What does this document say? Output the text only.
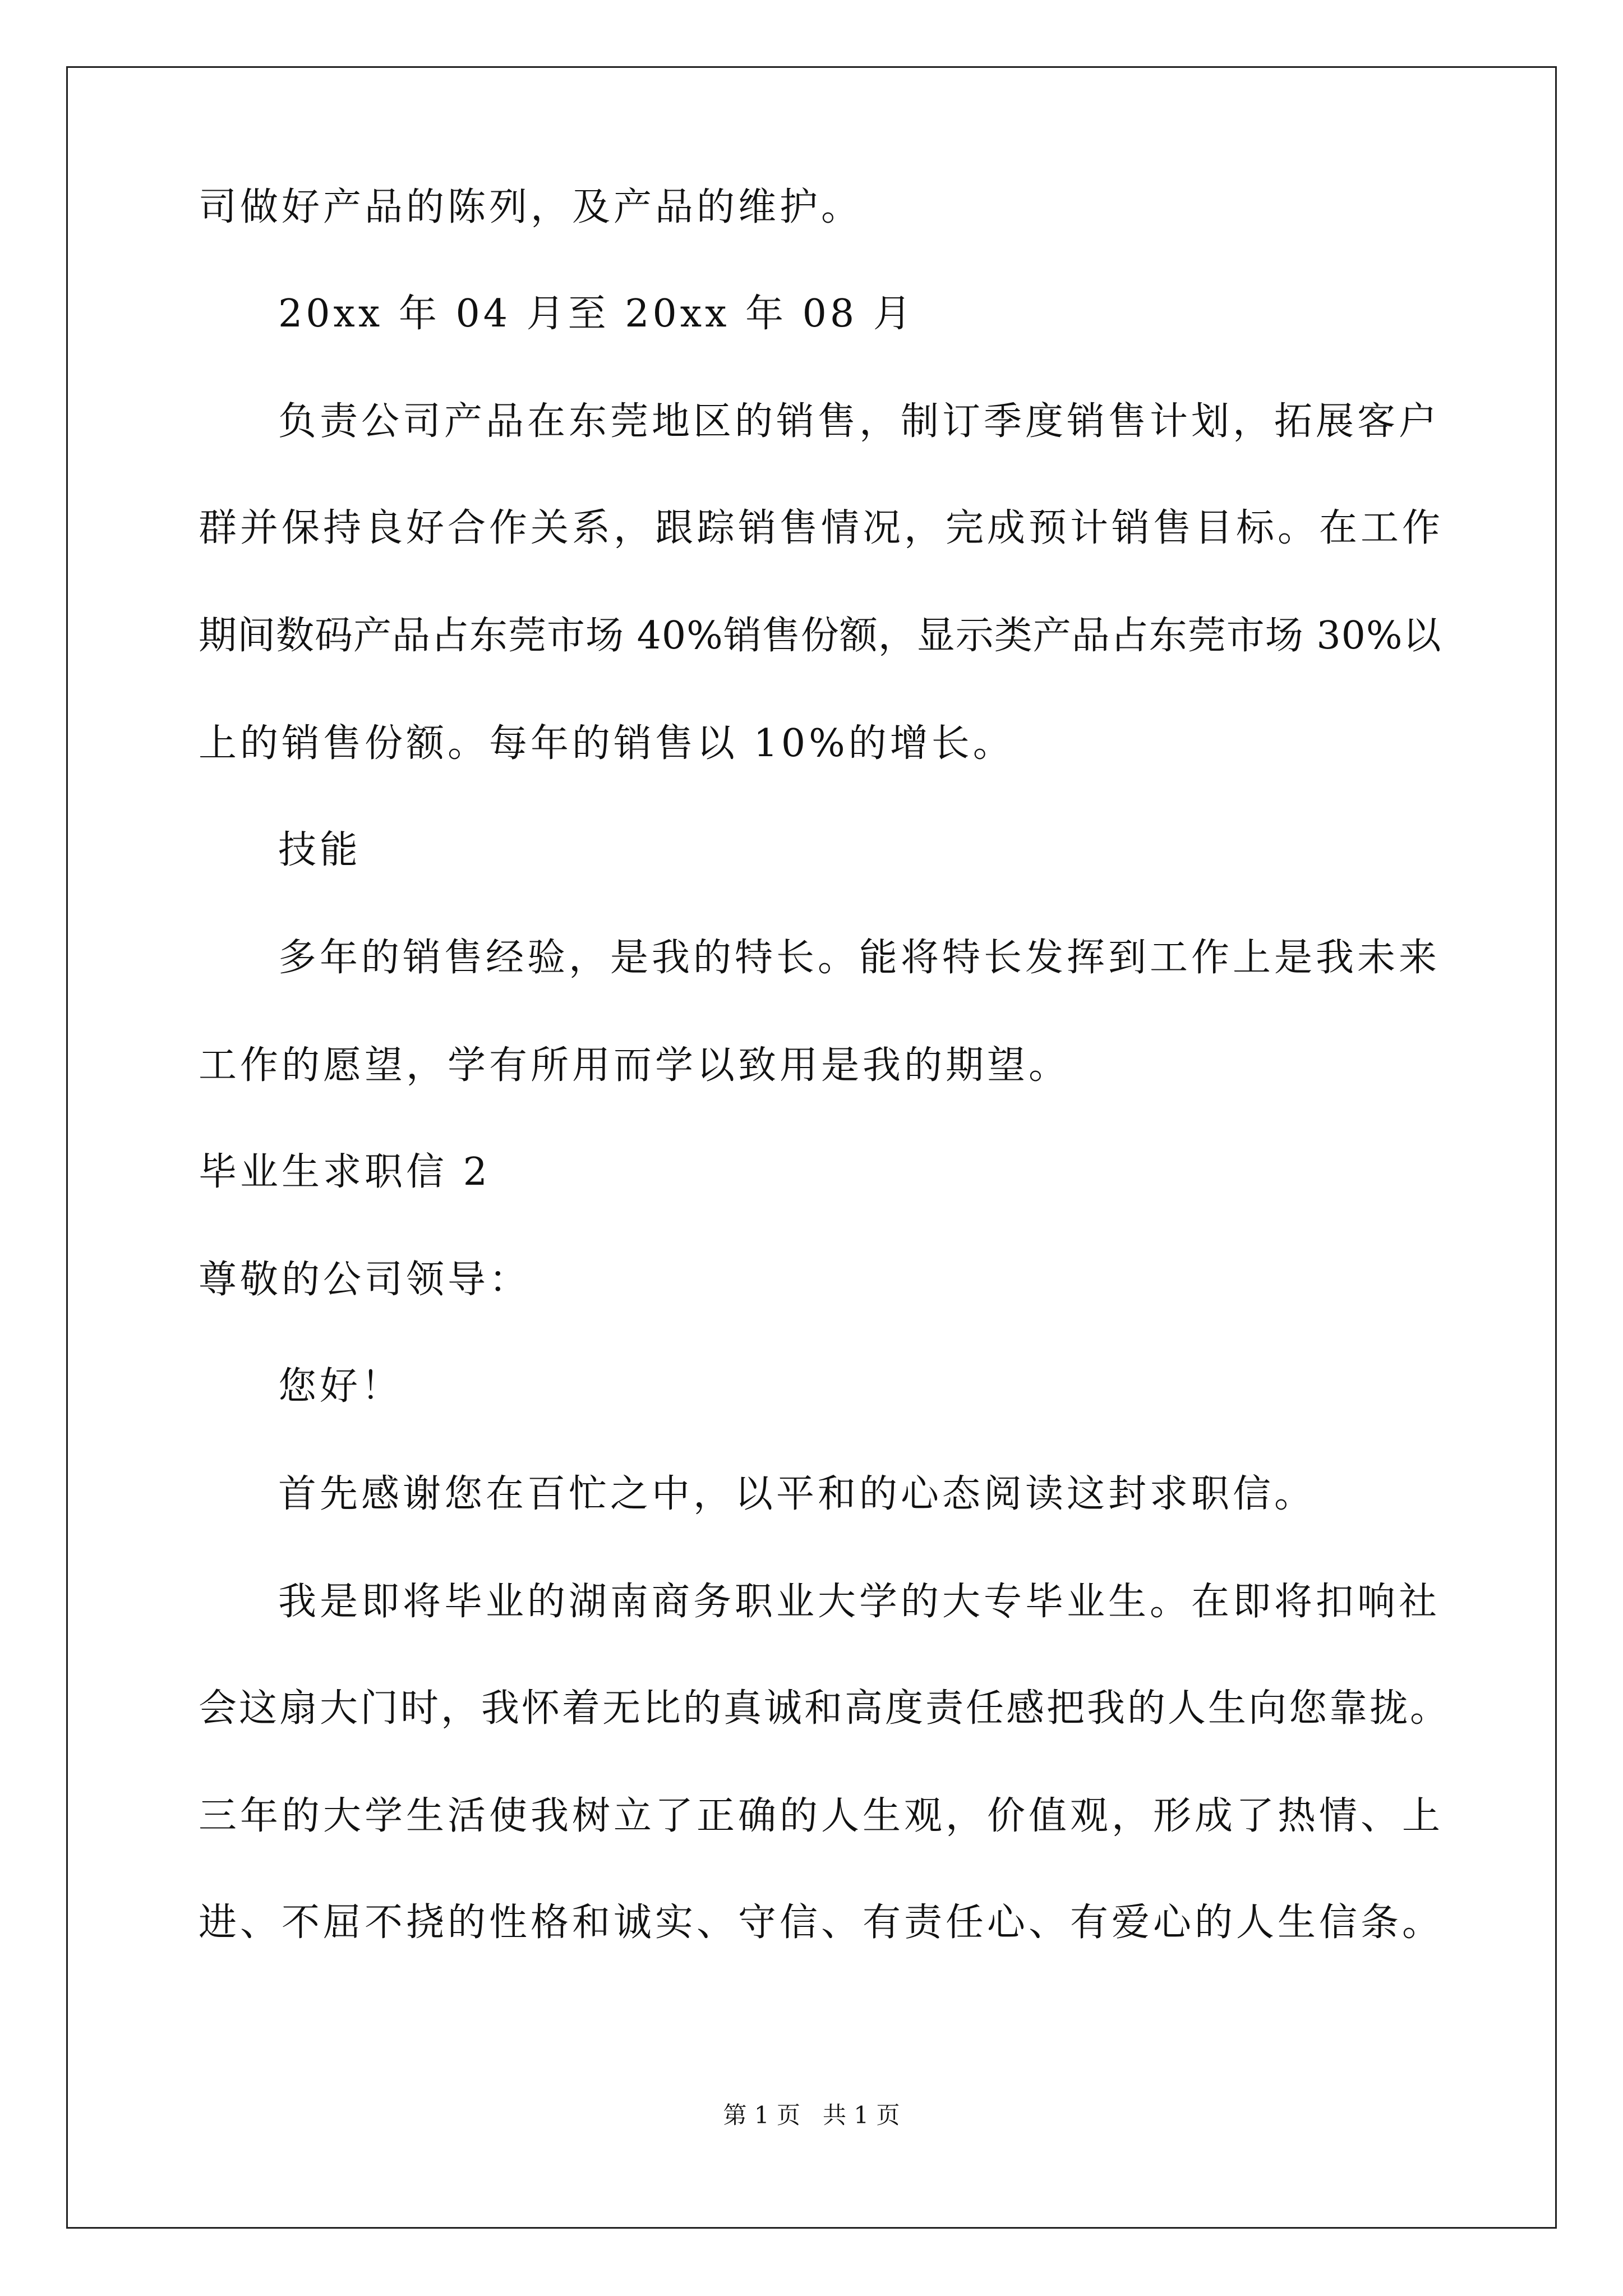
司做好产品的陈列，及产品的维护。
20xx 年 04 月至 20xx 年 08 月
负责公司产品在东莞地区的销售，制订季度销售计划，拓展客户
群并保持良好合作关系，跟踪销售情况，完成预计销售目标。在工作
期间数码产品占东莞市场 40%销售份额，显示类产品占东莞市场 30%以
上的销售份额。每年的销售以 10%的增长。
技能
多年的销售经验，是我的特长。能将特长发挥到工作上是我未来
工作的愿望，学有所用而学以致用是我的期望。
毕业生求职信 2
尊敬的公司领导：
您好！
首先感谢您在百忙之中，以平和的心态阅读这封求职信。
我是即将毕业的湖南商务职业大学的大专毕业生。在即将扣响社
会这扇大门时，我怀着无比的真诚和高度责任感把我的人生向您靠拢。
三年的大学生活使我树立了正确的人生观，价值观，形成了热情、上
进、不屈不挠的性格和诚实、守信、有责任心、有爱心的人生信条。
第 1 页   共 1 页
